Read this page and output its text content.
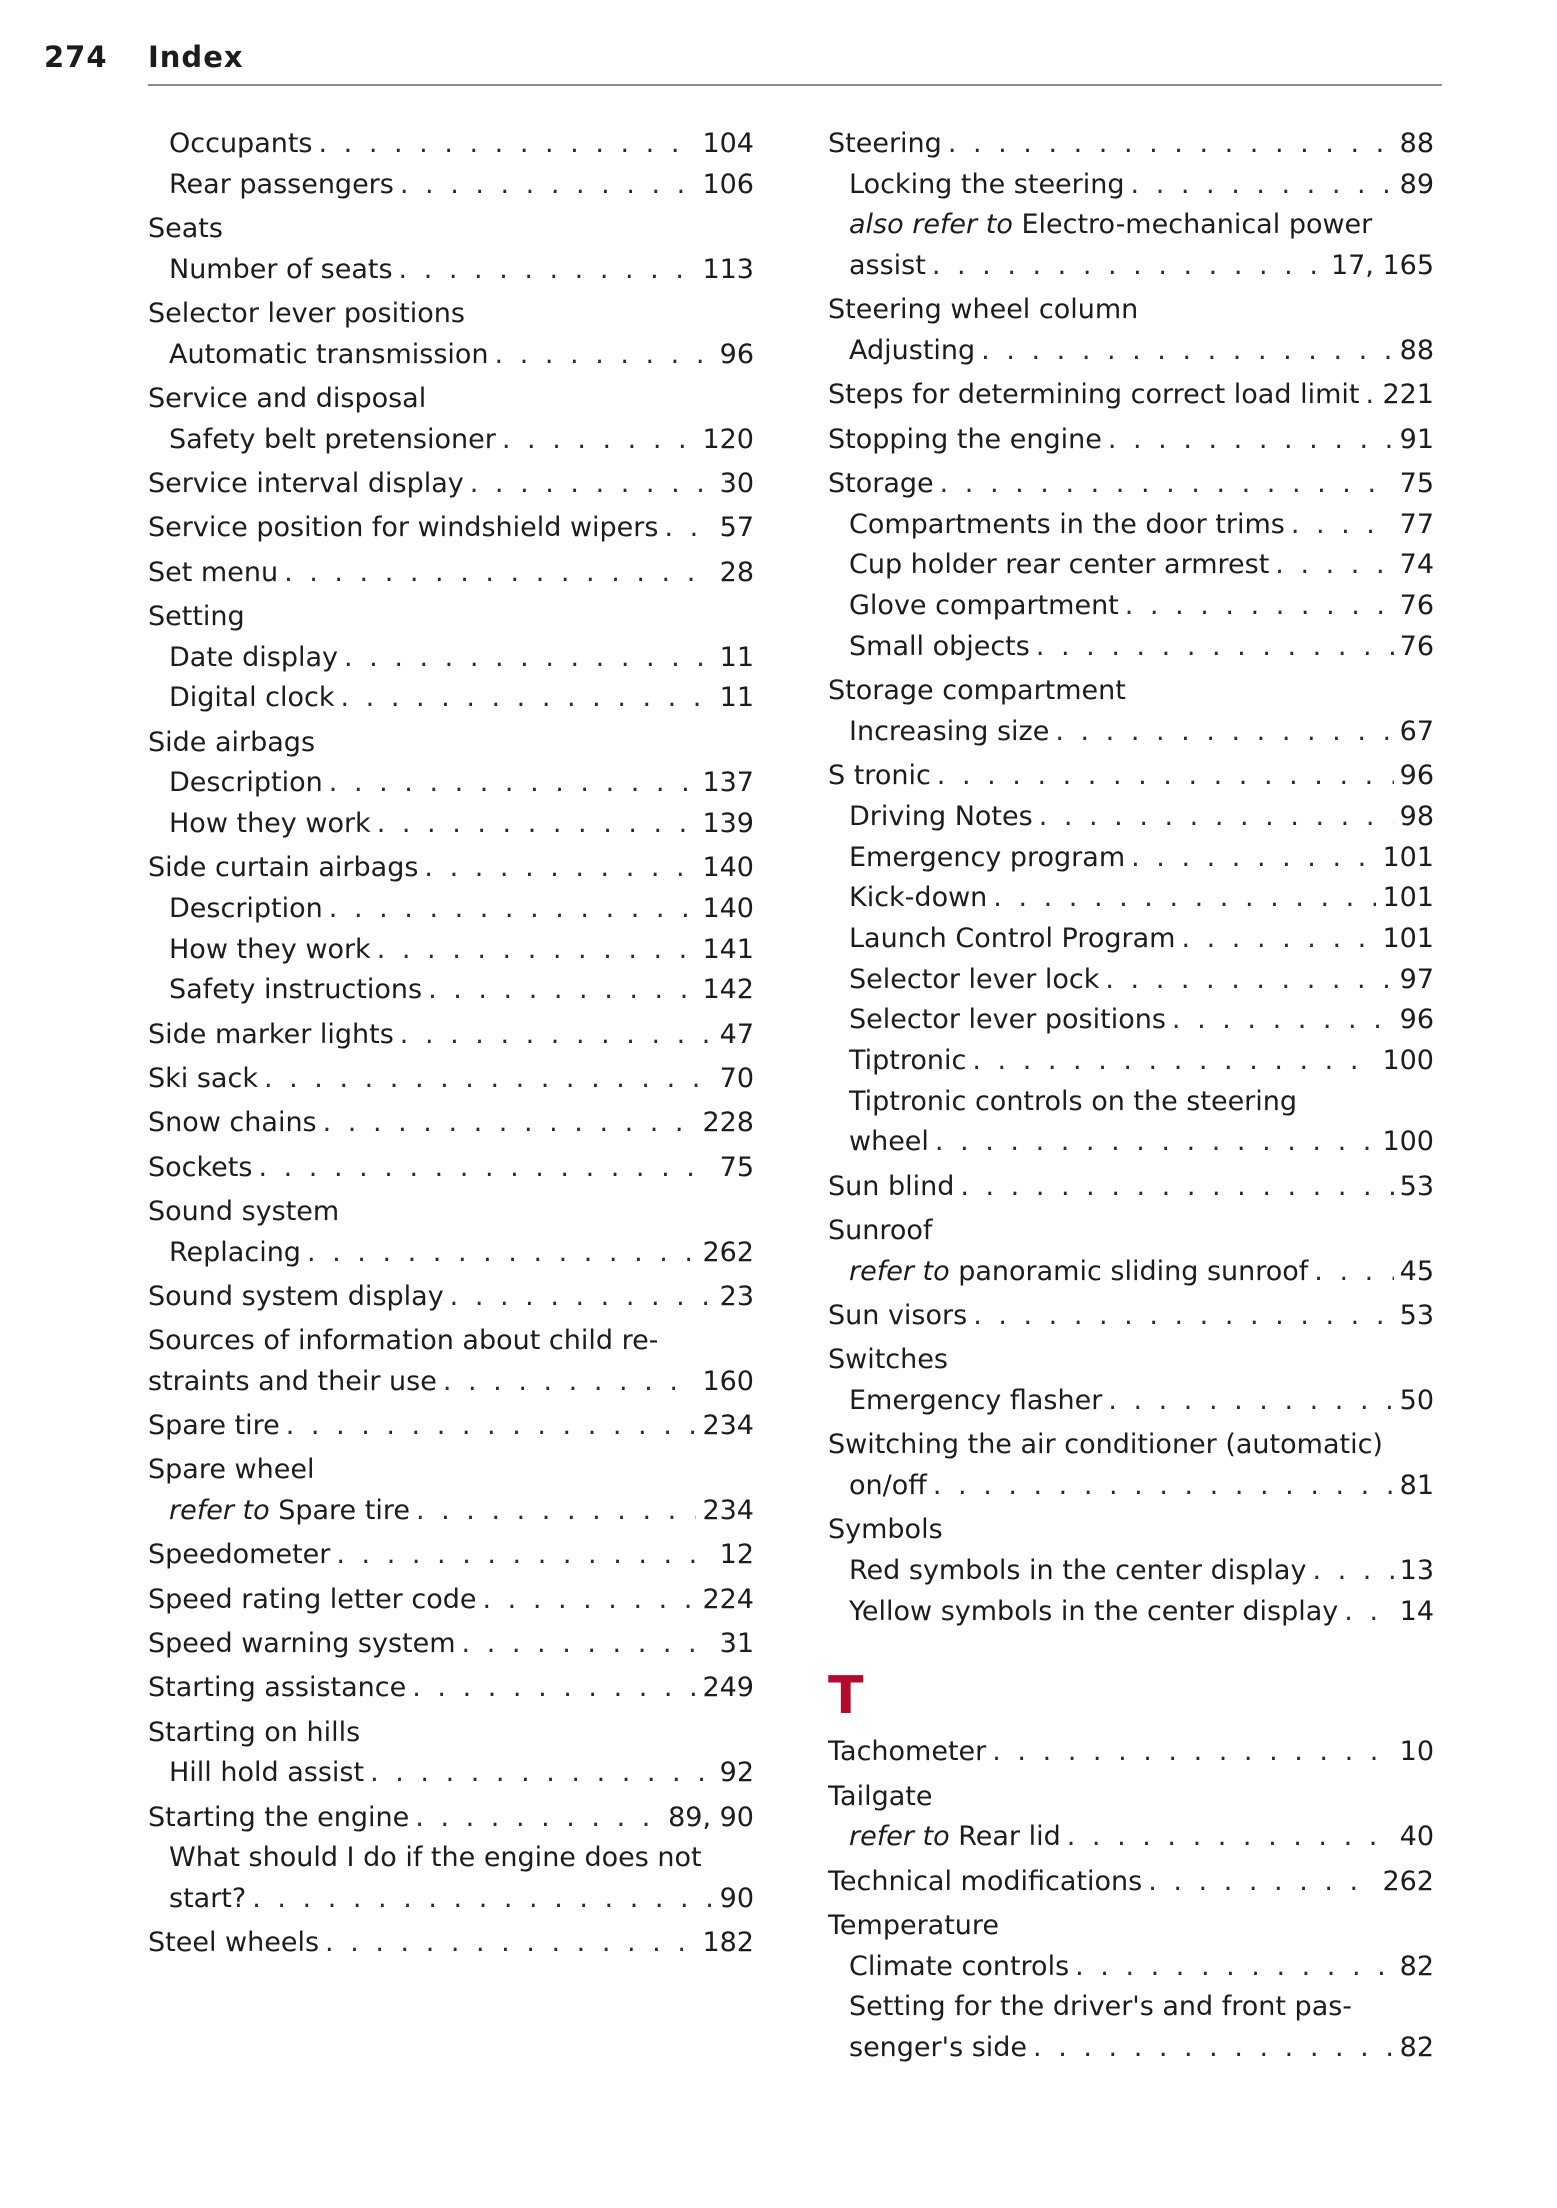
274 Index
Occupants . . .	104
Rear passengers . . .	106
Seats
Number of seats . . .	113
Selector lever positions
Automatic transmission . . .	96
Service and disposal
Safety belt pretensioner . . .	120
Service interval display . . .	30
Service position for windshield wipers . . . 57
Set menu . . .	28
Setting
Date display . . .	11
Digital clock . . .	11
Side airbags
Description . . .	137
How they work . . .	139
Side curtain airbags . . .	140
Description . . .	140
How they work . . .	141
Safety instructions . . .	142
Side marker lights . . .	47
Ski sack . . .	70
Snow chains . . .	228
Sockets . . .	75
Sound system
Replacing . . .	262
Sound system display . . .	23
Sources of information about child re-
straints and their use . . .	160
Spare tire . . .	234
Spare wheel
refer to Spare tire . . .	234
Speedometer . . .	12
Speed rating letter code . . .	224
Speed warning system . . .	31
Starting assistance . . .	249
Starting on hills
Hill hold assist . . .	92
Starting the engine . . .	89, 90
What should I do if the engine does not
start? . . .	90
Steel wheels . . .	182
Steering . . .	88
Locking the steering . . .	89
also refer to Electro-mechanical power
assist . . .	17, 165
Steering wheel column
Adjusting . . .	88
Steps for determining correct load limit . . . 221
Stopping the engine . . .	91
Storage . . .	75
Compartments in the door trims . . .	77
Cup holder rear center armrest . . .	74
Glove compartment . . .	76
Small objects . . .	76
Storage compartment
Increasing size . . .	67
S tronic . . .	96
Driving Notes . . .	98
Emergency program . . .	101
Kick-down . . .	101
Launch Control Program . . .	101
Selector lever lock . . .	97
Selector lever positions . . .	96
Tiptronic . . .	100
Tiptronic controls on the steering
wheel . . .	100
Sun blind . . .	53
Sunroof
refer to panoramic sliding sunroof . . .	45
Sun visors . . .	53
Switches
Emergency flasher . . .	50
Switching the air conditioner (automatic)
on/off . . .	81
Symbols
Red symbols in the center display . . .	13
Yellow symbols in the center display . . . 14
T
Tachometer . . .	10
Tailgate
refer to Rear lid . . .	40
Technical modifications . . .	262
Temperature
Climate controls . . .	82
Setting for the driver's and front pas-
senger's side . . .	82
